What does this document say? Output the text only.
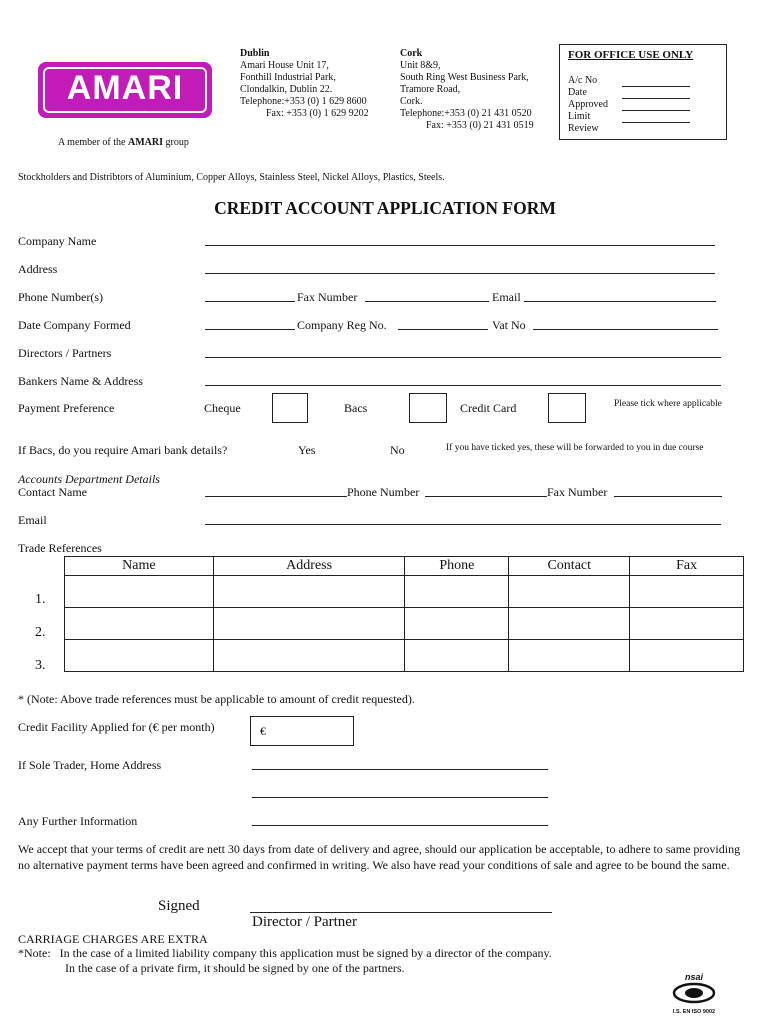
AMARI
A member of the AMARI group
Dublin
Amari House Unit 17,
Fonthill Industrial Park,
Clondalkin, Dublin 22.
Telephone:+353 (0) 1 629 8600
Fax: +353 (0) 1 629 9202
Cork
Unit 8&9,
South Ring West Business Park,
Tramore Road,
Cork.
Telephone:+353 (0) 21 431 0520
Fax: +353 (0) 21 431 0519
FOR OFFICE USE ONLY
A/c No
Date
Approved
Limit
Review
Stockholders and Distribtors of Aluminium, Copper Alloys, Stainless Steel, Nickel Alloys, Plastics, Steels.
CREDIT ACCOUNT APPLICATION FORM
Company Name
Address
Phone Number(s)	Fax Number	Email
Date Company Formed	Company Reg No.	Vat No
Directors / Partners
Bankers Name & Address
Payment Preference	Cheque	Bacs	Credit Card	Please tick where applicable
If Bacs, do you require Amari bank details?	Yes	No	If you have ticked yes, these will be forwarded to you in due course
Accounts Department Details
Contact Name	Phone Number	Fax Number
Email
Trade References
Name	Address	Phone	Contact	Fax

1.
2.
3.
* (Note: Above trade references must be applicable to amount of credit requested).
Credit Facility Applied for (€ per month)	€
If Sole Trader, Home Address
Any Further Information
We accept that your terms of credit are nett 30 days from date of delivery and agree, should our application be acceptable, to adhere to same providing no alternative payment terms have been agreed and confirmed in writing. We also have read your conditions of sale and agree to be bound the same.
Signed
Director / Partner
CARRIAGE CHARGES ARE EXTRA
*Note:   In the case of a limited liability company this application must be signed by a director of the company.
In the case of a private firm, it should be signed by one of the partners.
nsai
I.S. EN ISO 9002
